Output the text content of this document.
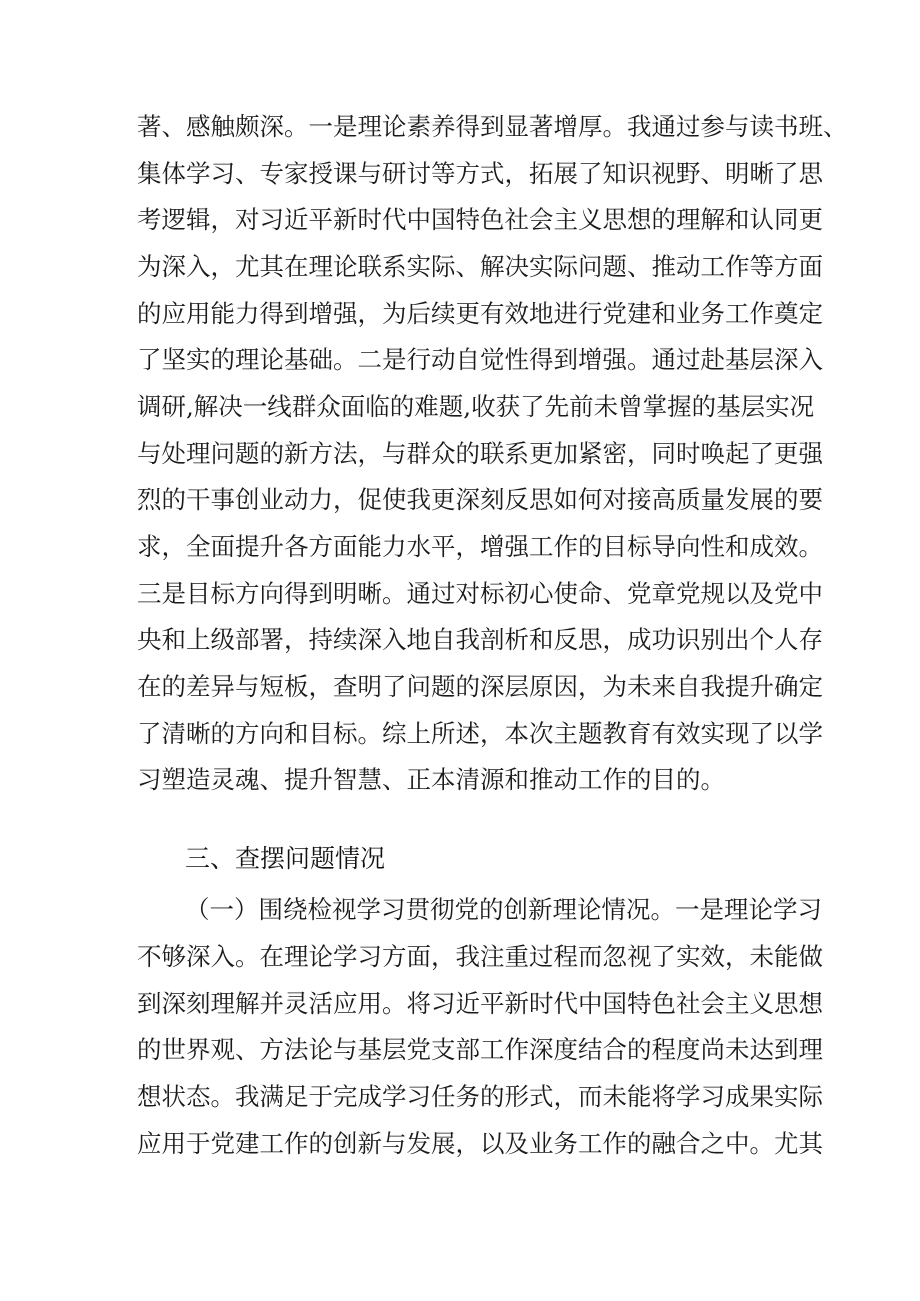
著、感触颇深。一是理论素养得到显著增厚。我通过参与读书班、
集体学习、专家授课与研讨等方式，拓展了知识视野、明晰了思
考逻辑，对习近平新时代中国特色社会主义思想的理解和认同更
为深入，尤其在理论联系实际、解决实际问题、推动工作等方面
的应用能力得到增强，为后续更有效地进行党建和业务工作奠定
了坚实的理论基础。二是行动自觉性得到增强。通过赴基层深入
调研,解决一线群众面临的难题,收获了先前未曾掌握的基层实况
与处理问题的新方法，与群众的联系更加紧密，同时唤起了更强
烈的干事创业动力，促使我更深刻反思如何对接高质量发展的要
求，全面提升各方面能力水平，增强工作的目标导向性和成效。
三是目标方向得到明晰。通过对标初心使命、党章党规以及党中
央和上级部署，持续深入地自我剖析和反思，成功识别出个人存
在的差异与短板，查明了问题的深层原因，为未来自我提升确定
了清晰的方向和目标。综上所述，本次主题教育有效实现了以学
习塑造灵魂、提升智慧、正本清源和推动工作的目的。
三、查摆问题情况
（一）围绕检视学习贯彻党的创新理论情况。一是理论学习
不够深入。在理论学习方面，我注重过程而忽视了实效，未能做
到深刻理解并灵活应用。将习近平新时代中国特色社会主义思想
的世界观、方法论与基层党支部工作深度结合的程度尚未达到理
想状态。我满足于完成学习任务的形式，而未能将学习成果实际
应用于党建工作的创新与发展，以及业务工作的融合之中。尤其
